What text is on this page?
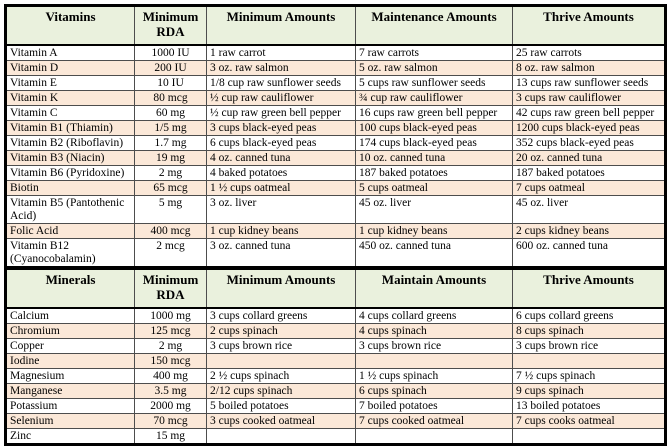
Vitamins	Minimum RDA	Minimum Amounts	Maintenance Amounts	Thrive Amounts
Vitamin A	1000 IU	1 raw carrot	7 raw carrots	25 raw carrots
Vitamin D	200 IU	3 oz. raw salmon	5 oz. raw salmon	8 oz. raw salmon
Vitamin E	10 IU	1/8 cup raw sunflower seeds	5 cups raw sunflower seeds	13 cups raw sunflower seeds
Vitamin K	80 mcg	½ cup raw cauliflower	¾ cup raw cauliflower	3 cups raw cauliflower
Vitamin C	60 mg	½ cup raw green bell pepper	16 cups raw green bell pepper	42 cups raw green bell pepper
Vitamin B1 (Thiamin)	1/5 mg	3 cups black-eyed peas	100 cups black-eyed peas	1200 cups black-eyed peas
Vitamin B2 (Riboflavin)	1.7 mg	6 cups black-eyed peas	174 cups black-eyed peas	352 cups black-eyed peas
Vitamin B3 (Niacin)	19 mg	4 oz. canned tuna	10 oz. canned tuna	20 oz. canned tuna
Vitamin B6 (Pyridoxine)	2 mg	4 baked potatoes	187 baked potatoes	187 baked potatoes
Biotin	65 mcg	1 ½ cups oatmeal	5 cups oatmeal	7 cups oatmeal
Vitamin B5 (Pantothenic Acid)	5 mg	3 oz. liver	45 oz. liver	45 oz. liver
Folic Acid	400 mcg	1 cup kidney beans	1 cup kidney beans	2 cups kidney beans
Vitamin B12 (Cyanocobalamin)	2 mcg	3 oz. canned tuna	450 oz. canned tuna	600 oz. canned tuna
Minerals	Minimum RDA	Minimum Amounts	Maintain Amounts	Thrive Amounts
Calcium	1000 mg	3 cups collard greens	4 cups collard greens	6 cups collard greens
Chromium	125 mcg	2 cups spinach	4 cups spinach	8 cups spinach
Copper	2 mg	3 cups brown rice	3 cups brown rice	3 cups brown rice
Iodine	150 mcg			
Magnesium	400 mg	2 ½ cups spinach	1 ½ cups spinach	7 ½ cups spinach
Manganese	3.5 mg	2/12 cups spinach	6 cups spinach	9 cups spinach
Potassium	2000 mg	5 boiled potatoes	7 boiled potatoes	13 boiled potatoes
Selenium	70 mcg	3 cups cooked oatmeal	7 cups cooked oatmeal	7 cups cooks oatmeal
Zinc	15 mg			
